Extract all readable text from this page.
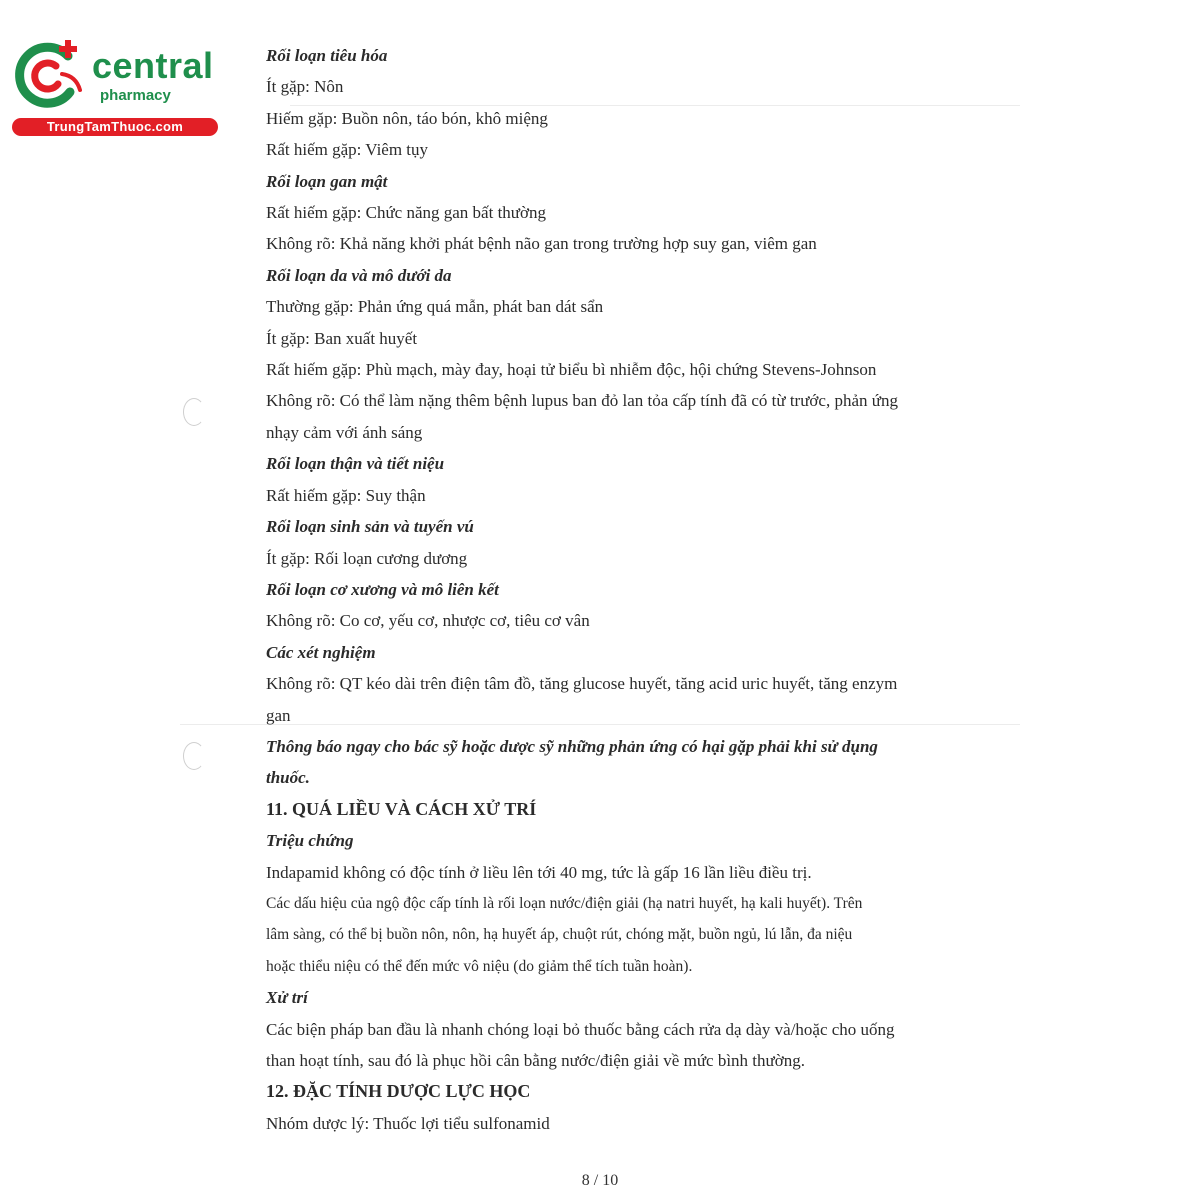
central
pharmacy
TrungTamThuoc.com
Rối loạn tiêu hóa
Ít gặp: Nôn
Hiếm gặp: Buồn nôn, táo bón, khô miệng
Rất hiếm gặp: Viêm tụy
Rối loạn gan mật
Rất hiếm gặp: Chức năng gan bất thường
Không rõ: Khả năng khởi phát bệnh não gan trong trường hợp suy gan, viêm gan
Rối loạn da và mô dưới da
Thường gặp: Phản ứng quá mẫn, phát ban dát sẩn
Ít gặp: Ban xuất huyết
Rất hiếm gặp: Phù mạch, mày đay, hoại tử biểu bì nhiễm độc, hội chứng Stevens-Johnson
Không rõ: Có thể làm nặng thêm bệnh lupus ban đỏ lan tỏa cấp tính đã có từ trước, phản ứng
nhạy cảm với ánh sáng
Rối loạn thận và tiết niệu
Rất hiếm gặp: Suy thận
Rối loạn sinh sản và tuyến vú
Ít gặp: Rối loạn cương dương
Rối loạn cơ xương và mô liên kết
Không rõ: Co cơ, yếu cơ, nhược cơ, tiêu cơ vân
Các xét nghiệm
Không rõ: QT kéo dài trên điện tâm đồ, tăng glucose huyết, tăng acid uric huyết, tăng enzym
gan
Thông báo ngay cho bác sỹ hoặc dược sỹ những phản ứng có hại gặp phải khi sử dụng
thuốc.
11. QUÁ LIỀU VÀ CÁCH XỬ TRÍ
Triệu chứng
Indapamid không có độc tính ở liều lên tới 40 mg, tức là gấp 16 lần liều điều trị.
Các dấu hiệu của ngộ độc cấp tính là rối loạn nước/điện giải (hạ natri huyết, hạ kali huyết). Trên
lâm sàng, có thể bị buồn nôn, nôn, hạ huyết áp, chuột rút, chóng mặt, buồn ngủ, lú lẫn, đa niệu
hoặc thiểu niệu có thể đến mức vô niệu (do giảm thể tích tuần hoàn).
Xử trí
Các biện pháp ban đầu là nhanh chóng loại bỏ thuốc bằng cách rửa dạ dày và/hoặc cho uống
than hoạt tính, sau đó là phục hồi cân bằng nước/điện giải về mức bình thường.
12. ĐẶC TÍNH DƯỢC LỰC HỌC
Nhóm dược lý: Thuốc lợi tiểu sulfonamid
8 / 10
